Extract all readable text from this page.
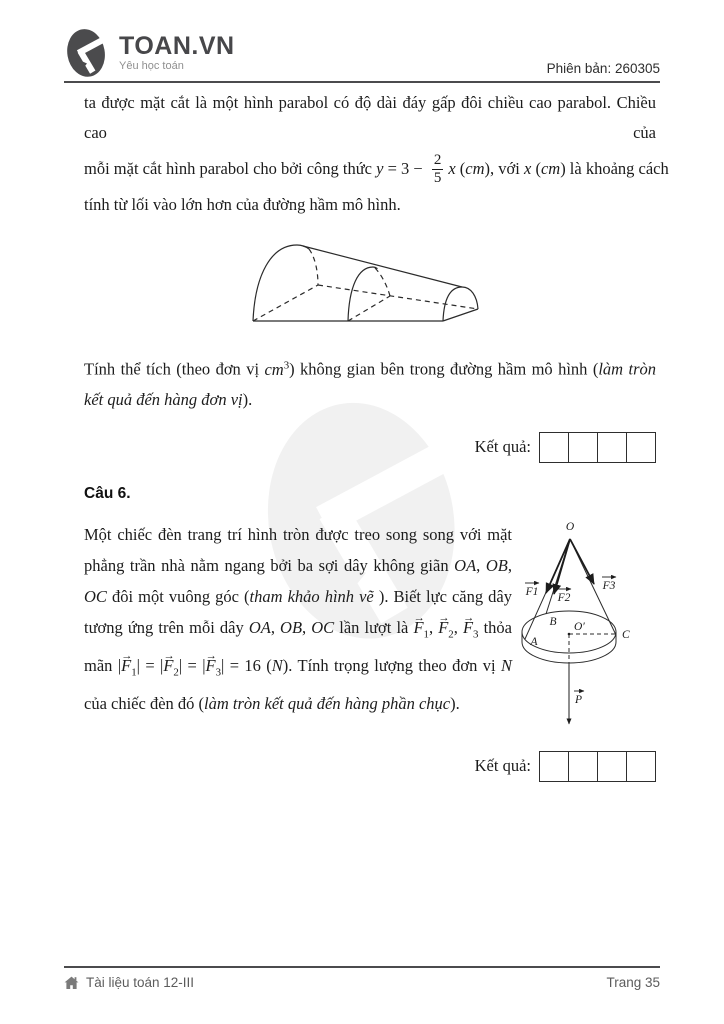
TOAN.VN
Yêu học toán	Phiên bản: 260305
ta được mặt cắt là một hình parabol có độ dài đáy gấp đôi chiều cao parabol. Chiều cao của
mỗi mặt cắt hình parabol cho bởi công thức $y = 3 - \frac{2}{5}$ x (cm), với x (cm) là khoảng cách
tính từ lối vào lớn hơn của đường hầm mô hình.
Tính thể tích (theo đơn vị $cm^3$) không gian bên trong đường hầm mô hình (làm tròn kết quả đến hàng đơn vị).
Kết quả:
Câu 6.
Một chiếc đèn trang trí hình tròn được treo song song với mặt phẳng trần nhà nằm ngang bởi ba sợi dây không giãn OA, OB, OC đôi một vuông góc (tham khảo hình vẽ ). Biết lực căng dây tương ứng trên mỗi dây OA, OB, OC lần lượt là → $F_1$, → $F_2$, → $F_3$ thỏa mãn |→ $F_1|$ = |→ $F_2|$ = |→ $F_3| = 16$ (N). Tính trọng lượng theo đơn vị N của chiếc đèn đó (làm tròn kết quả đến hàng phần chục).
O
F1 F2
F3
B O′
A
C
P
Kết quả:
Tài liệu toán 12-III	Trang 35
